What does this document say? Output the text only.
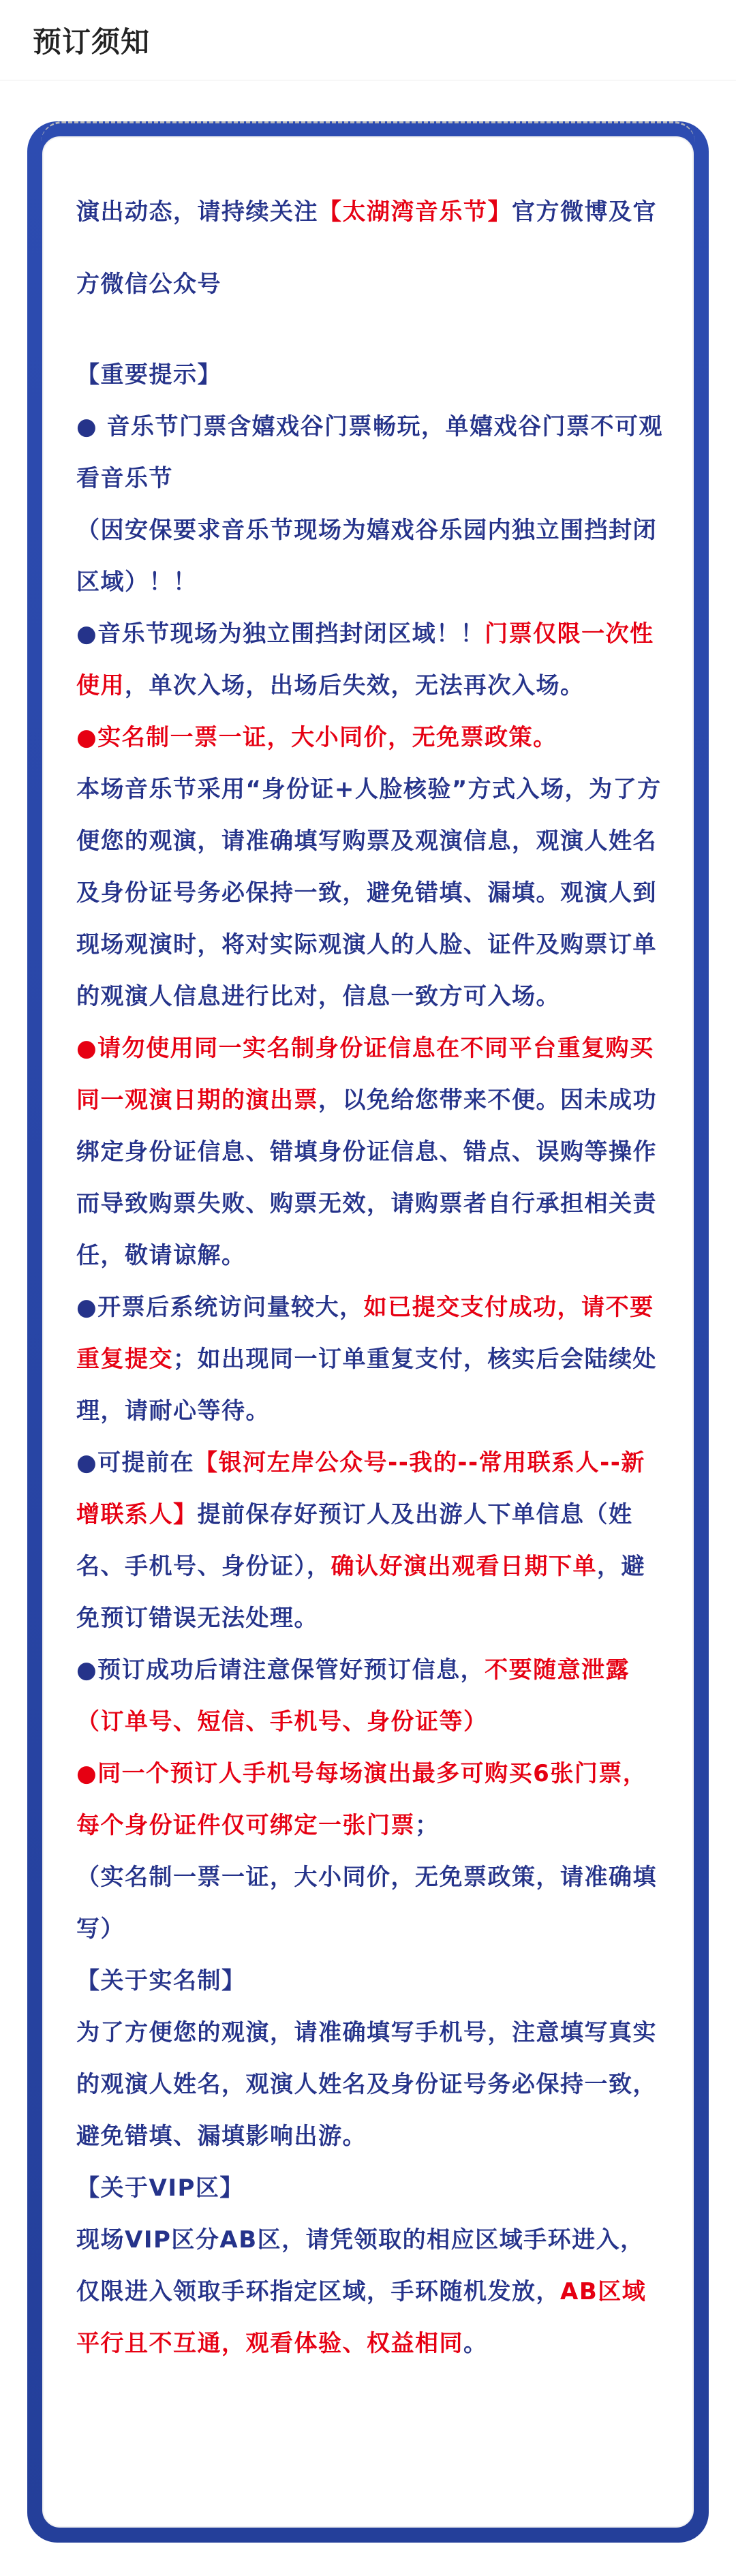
预订须知

演出动态，请持续关注【太湖湾音乐节】官方微博及官方微信公众号

【重要提示】

● 音乐节门票含嬉戏谷门票畅玩，单嬉戏谷门票不可观看音乐节

（因安保要求音乐节现场为嬉戏谷乐园内独立围挡封闭区域）！！

●音乐节现场为独立围挡封闭区域！！门票仅限一次性使用，单次入场，出场后失效，无法再次入场。

●实名制一票一证，大小同价，无免票政策。

本场音乐节采用“身份证+人脸核验”方式入场，为了方便您的观演，请准确填写购票及观演信息，观演人姓名及身份证号务必保持一致，避免错填、漏填。观演人到现场观演时，将对实际观演人的人脸、证件及购票订单的观演人信息进行比对，信息一致方可入场。

●请勿使用同一实名制身份证信息在不同平台重复购买同一观演日期的演出票，以免给您带来不便。因未成功绑定身份证信息、错填身份证信息、错点、误购等操作而导致购票失败、购票无效，请购票者自行承担相关责任，敬请谅解。

●开票后系统访问量较大，如已提交支付成功，请不要重复提交；如出现同一订单重复支付，核实后会陆续处理，请耐心等待。

●可提前在【银河左岸公众号--我的--常用联系人--新增联系人】提前保存好预订人及出游人下单信息（姓名、手机号、身份证），确认好演出观看日期下单，避免预订错误无法处理。

●预订成功后请注意保管好预订信息，不要随意泄露（订单号、短信、手机号、身份证等）

●同一个预订人手机号每场演出最多可购买6张门票，每个身份证件仅可绑定一张门票；

（实名制一票一证，大小同价，无免票政策，请准确填写）

【关于实名制】

为了方便您的观演，请准确填写手机号，注意填写真实的观演人姓名，观演人姓名及身份证号务必保持一致，避免错填、漏填影响出游。

【关于VIP区】

现场VIP区分AB区，请凭领取的相应区域手环进入，仅限进入领取手环指定区域，手环随机发放，AB区域平行且不互通，观看体验、权益相同。
